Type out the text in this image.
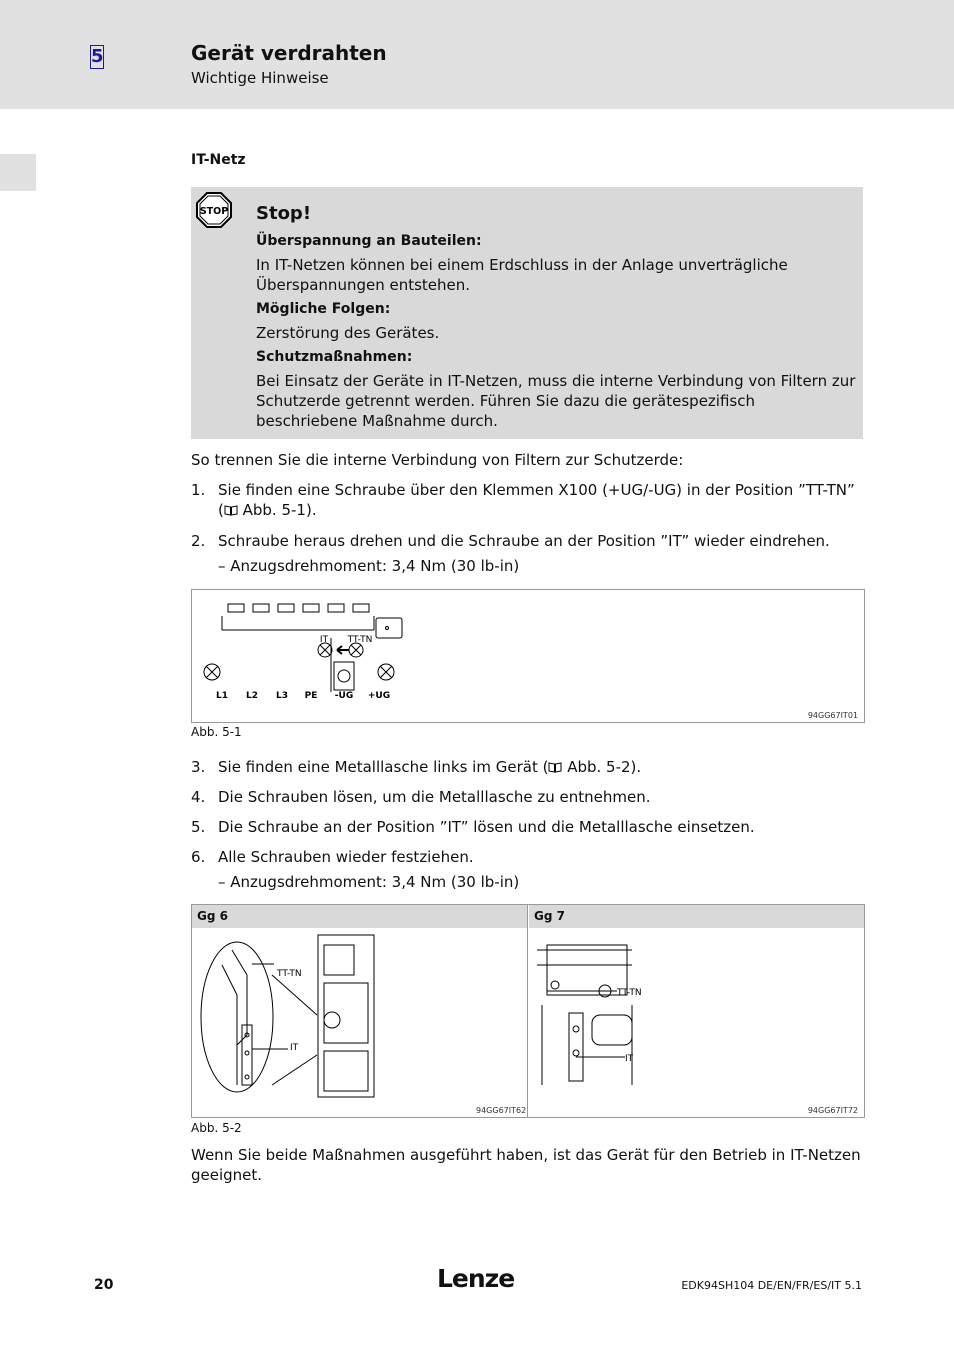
5	Gerät verdrahten
Wichtige Hinweise
IT-Netz
STOP Stop!
Überspannung an Bauteilen:
In IT-Netzen können bei einem Erdschluss in der Anlage unverträgliche Überspannungen entstehen.
Mögliche Folgen:
Zerstörung des Gerätes.
Schutzmaßnahmen:
Bei Einsatz der Geräte in IT-Netzen, muss die interne Verbindung von Filtern zur Schutzerde getrennt werden. Führen Sie dazu die gerätespezifisch beschriebene Maßnahme durch.
So trennen Sie die interne Verbindung von Filtern zur Schutzerde:
1. Sie finden eine Schraube über den Klemmen X100 (+UG/-UG) in der Position ”TT-TN” ( Abb. 5-1).
2. Schraube heraus drehen und die Schraube an der Position ”IT” wieder eindrehen.
– Anzugsdrehmoment: 3,4 Nm (30 lb-in)
IT TT-TN
L1 L2 L3 PE -UG +UG
94GG67IT01
Abb. 5-1
3. Sie finden eine Metalllasche links im Gerät ( Abb. 5-2).
4. Die Schrauben lösen, um die Metalllasche zu entnehmen.
5. Die Schraube an der Position ”IT” lösen und die Metalllasche einsetzen.
6. Alle Schrauben wieder festziehen.
– Anzugsdrehmoment: 3,4 Nm (30 lb-in)
Gg 6	Gg 7
TT-TN
IT
TT-TN
IT
94GG67IT62	94GG67IT72
Abb. 5-2
Wenn Sie beide Maßnahmen ausgeführt haben, ist das Gerät für den Betrieb in IT-Netzen geeignet.
20	Lenze	EDK94SH104 DE/EN/FR/ES/IT 5.1
